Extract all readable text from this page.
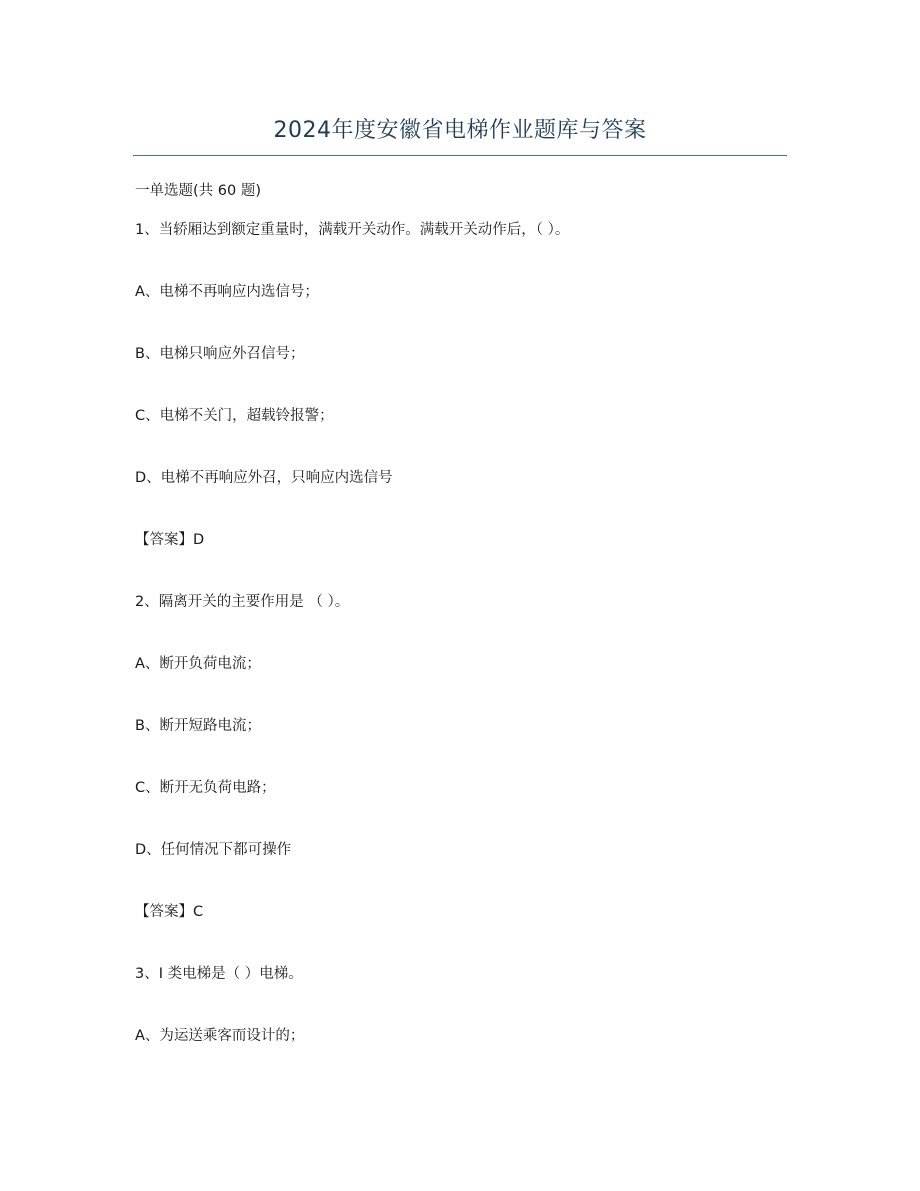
2024年度安徽省电梯作业题库与答案
一单选题(共 60 题)
1、当轿厢达到额定重量时，满载开关动作。满载开关动作后，（ ）。
A、电梯不再响应内选信号；
B、电梯只响应外召信号；
C、电梯不关门，超载铃报警；
D、电梯不再响应外召，只响应内选信号
【答案】D
2、隔离开关的主要作用是 （ ）。
A、断开负荷电流；
B、断开短路电流；
C、断开无负荷电路；
D、任何情况下都可操作
【答案】C
3、I 类电梯是（ ）电梯。
A、为运送乘客而设计的；
